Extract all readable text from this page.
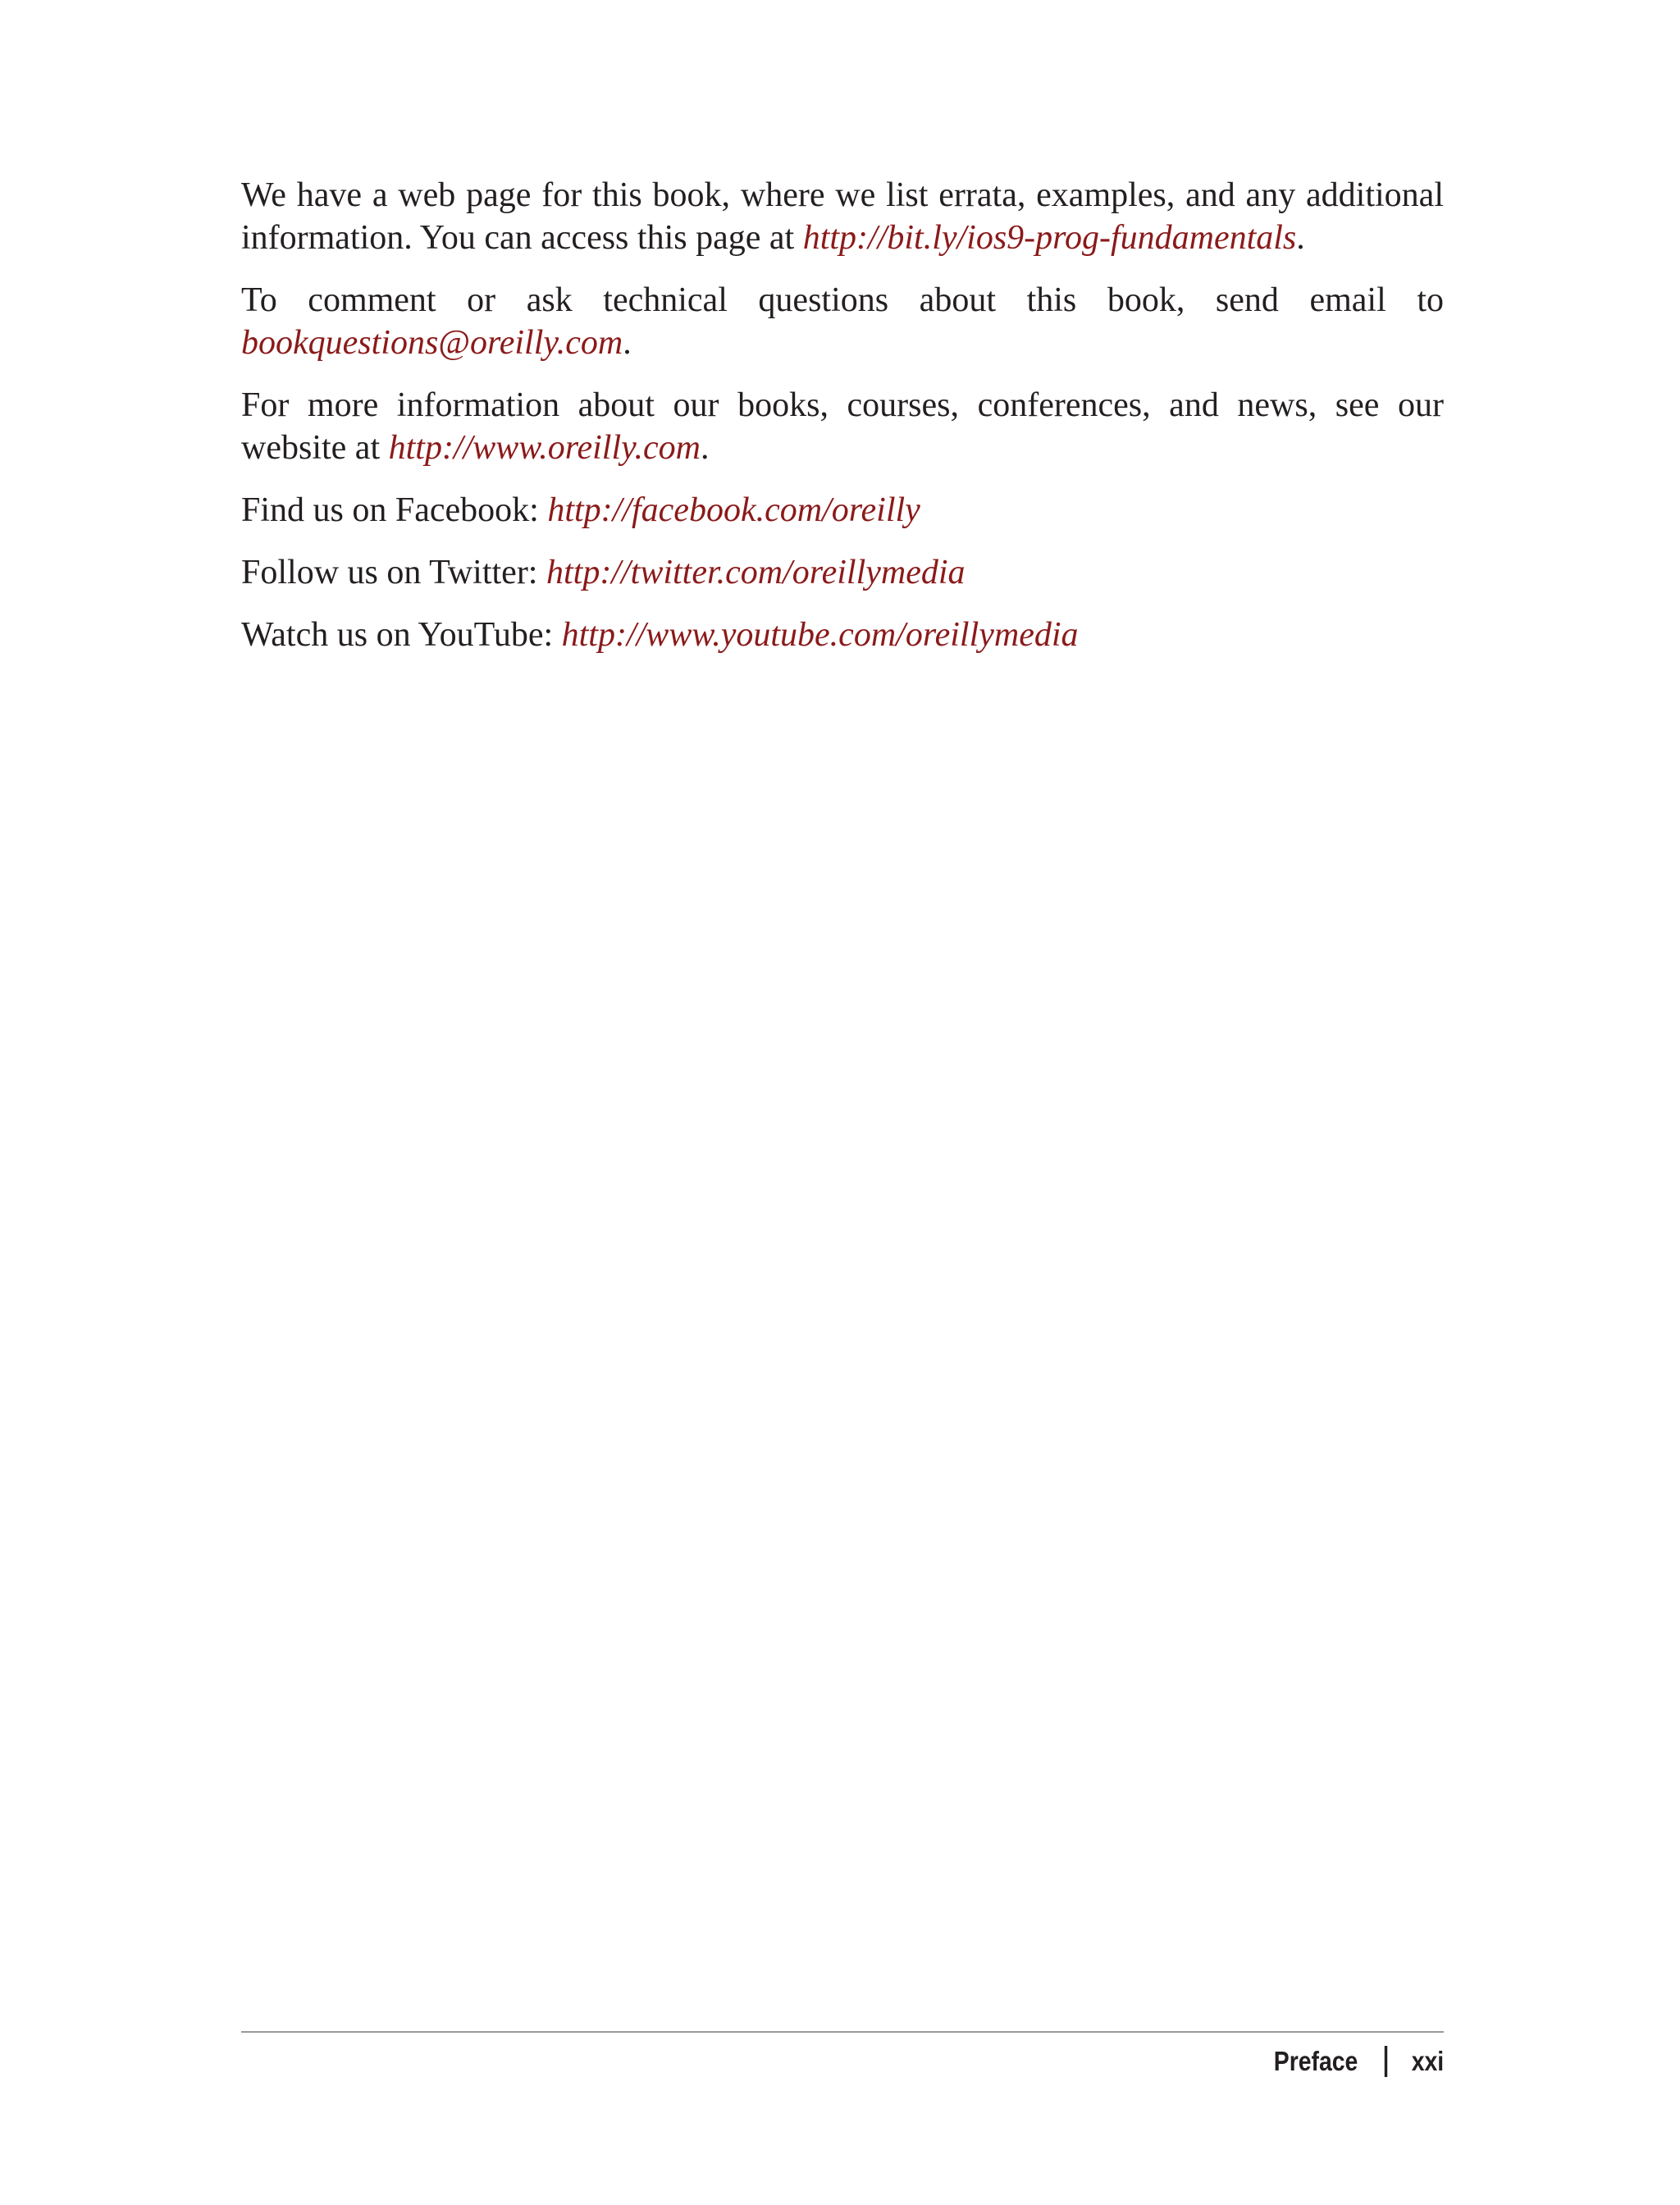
We have a web page for this book, where we list errata, examples, and any additional information. You can access this page at http://bit.ly/ios9-prog-fundamentals.

To comment or ask technical questions about this book, send email to bookquestions@oreilly.com.

For more information about our books, courses, conferences, and news, see our website at http://www.oreilly.com.

Find us on Facebook: http://facebook.com/oreilly

Follow us on Twitter: http://twitter.com/oreillymedia

Watch us on YouTube: http://www.youtube.com/oreillymedia

Preface xxi
